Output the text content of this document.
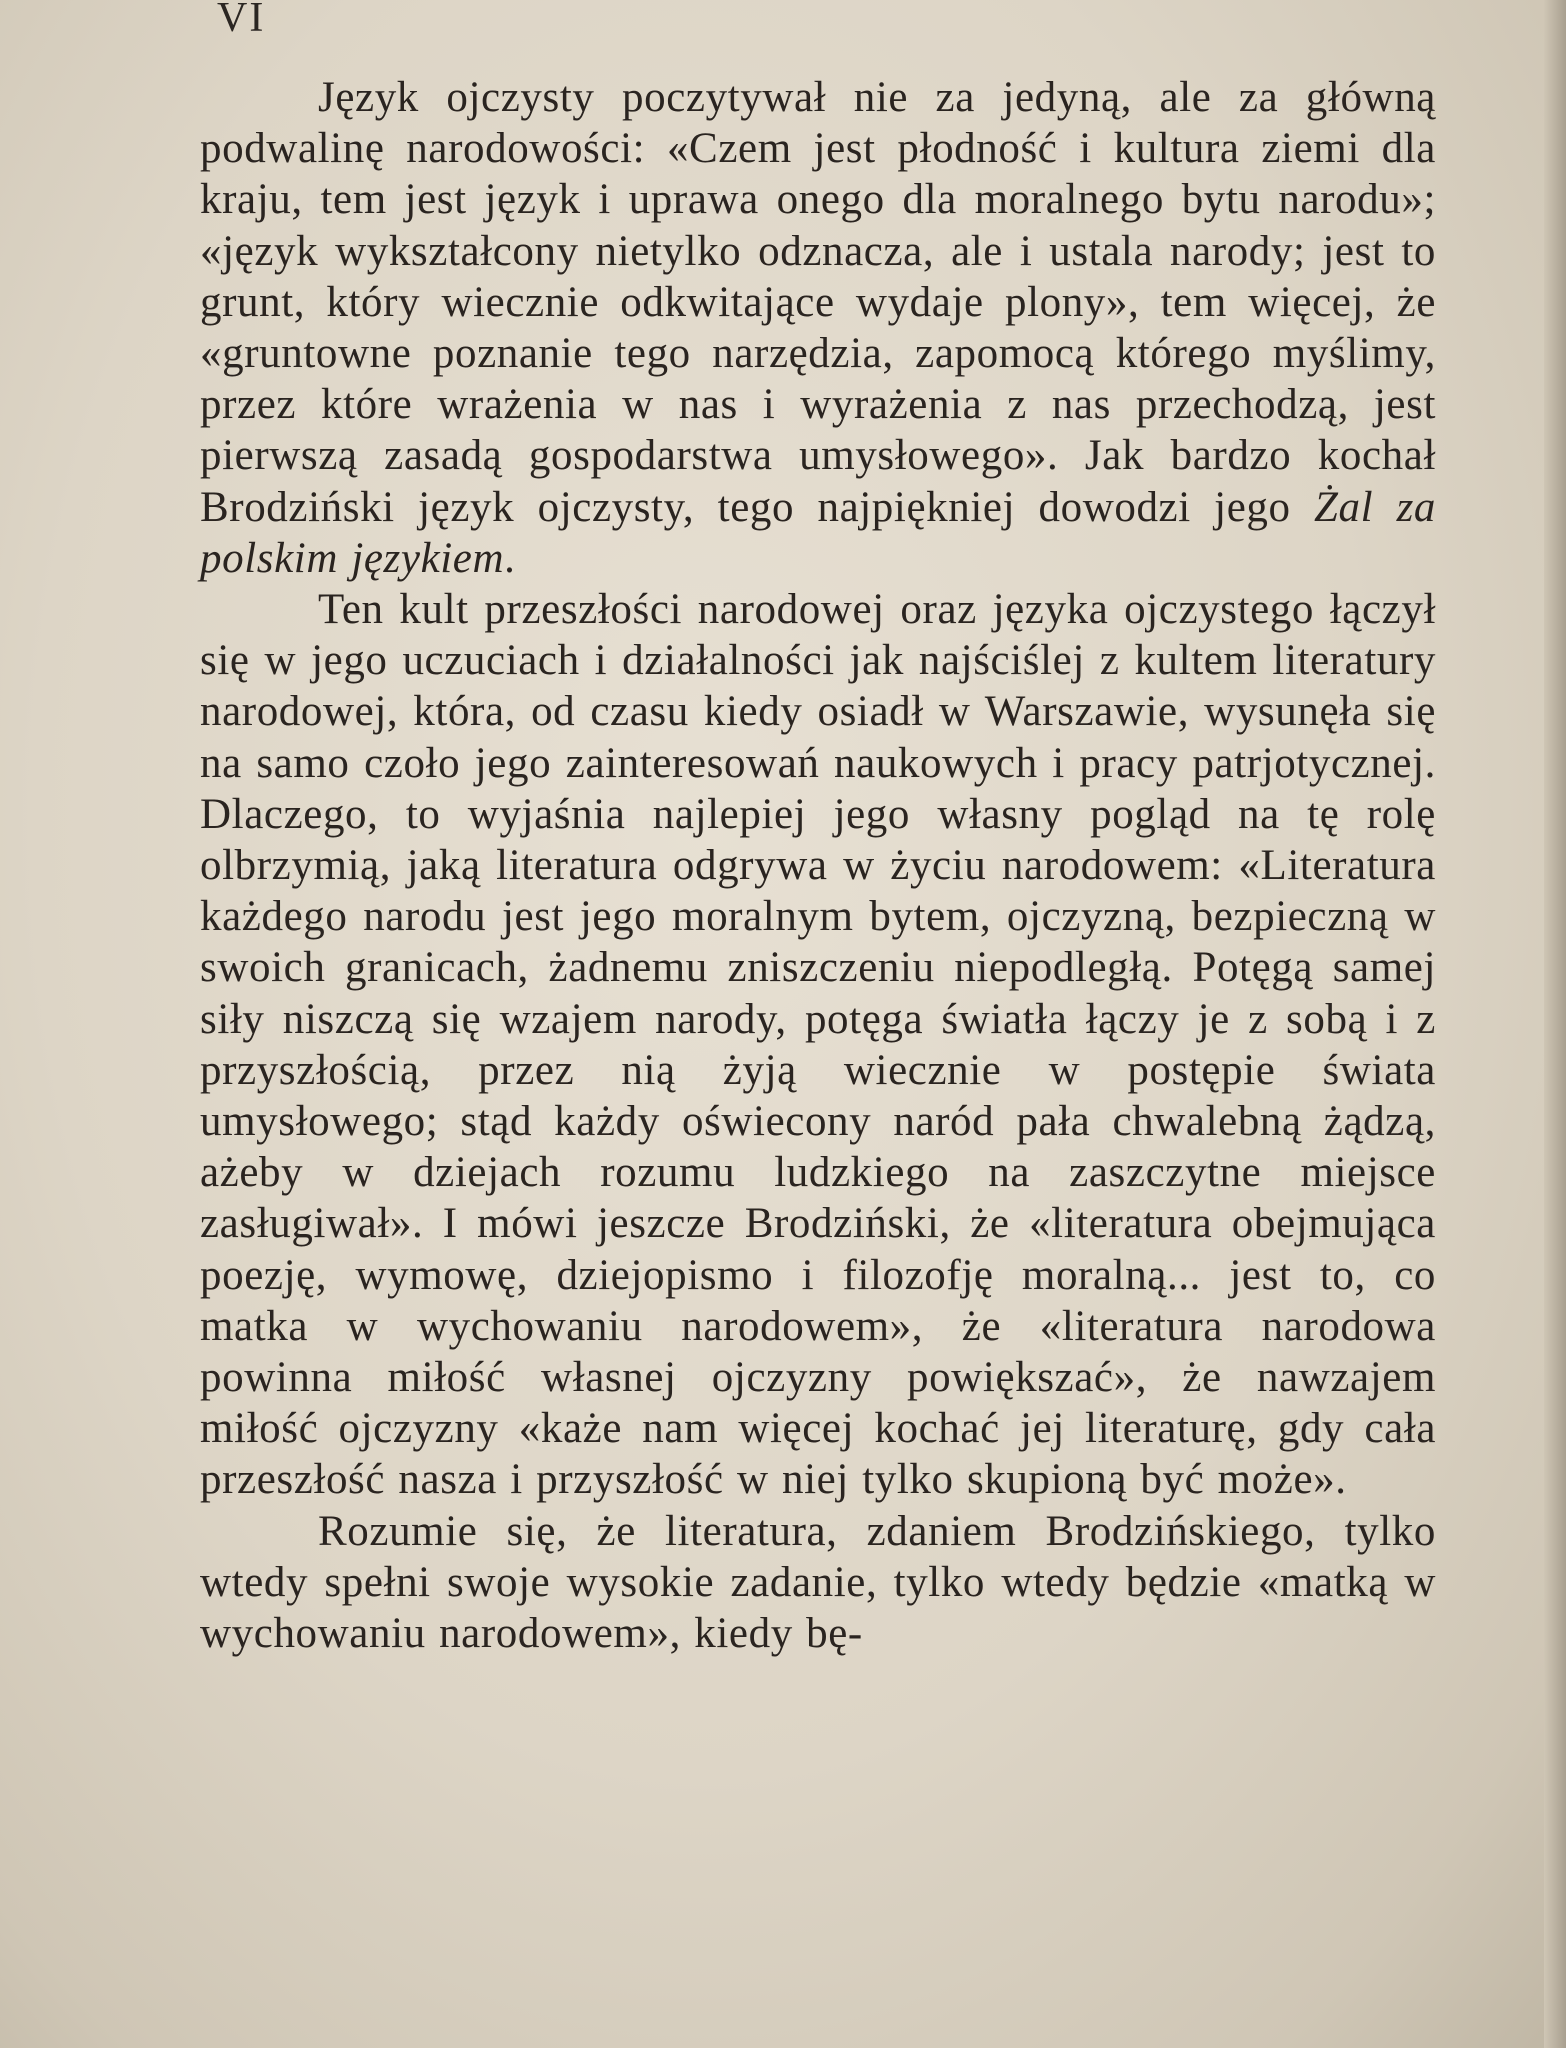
VI

Język ojczysty poczytywał nie za jedyną, ale za główną podwalinę narodowości: «Czem jest płodność i kultura ziemi dla kraju, tem jest język i uprawa onego dla moralnego bytu narodu»; «język wykształcony nietylko odznacza, ale i ustala narody; jest to grunt, który wiecznie odkwitające wydaje plony», tem więcej, że «gruntowne poznanie tego narzędzia, zapomocą którego myślimy, przez które wrażenia w nas i wyrażenia z nas przechodzą, jest pierwszą zasadą gospodarstwa umysłowego». Jak bardzo kochał Brodziński język ojczysty, tego najpiękniej dowodzi jego Żal za polskim językiem.

Ten kult przeszłości narodowej oraz języka ojczystego łączył się w jego uczuciach i działalności jak najściślej z kultem literatury narodowej, która, od czasu kiedy osiadł w Warszawie, wysunęła się na samo czoło jego zainteresowań naukowych i pracy patrjotycznej. Dlaczego, to wyjaśnia najlepiej jego własny pogląd na tę rolę olbrzymią, jaką literatura odgrywa w życiu narodowem: «Literatura każdego narodu jest jego moralnym bytem, ojczyzną, bezpieczną w swoich granicach, żadnemu zniszczeniu niepodległą. Potęgą samej siły niszczą się wzajem narody, potęga światła łączy je z sobą i z przyszłością, przez nią żyją wiecznie w postępie świata umysłowego; stąd każdy oświecony naród pała chwalebną żądzą, ażeby w dziejach rozumu ludzkiego na zaszczytne miejsce zasługiwał». I mówi jeszcze Brodziński, że «literatura obejmująca poezję, wymowę, dziejopismo i filozofję moralną... jest to, co matka w wychowaniu narodowem», że «literatura narodowa powinna miłość własnej ojczyzny powiększać», że nawzajem miłość ojczyzny «każe nam więcej kochać jej literaturę, gdy cała przeszłość nasza i przyszłość w niej tylko skupioną być może».

Rozumie się, że literatura, zdaniem Brodzińskiego, tylko wtedy spełni swoje wysokie zadanie, tylko wtedy będzie «matką w wychowaniu narodowem», kiedy bę-
